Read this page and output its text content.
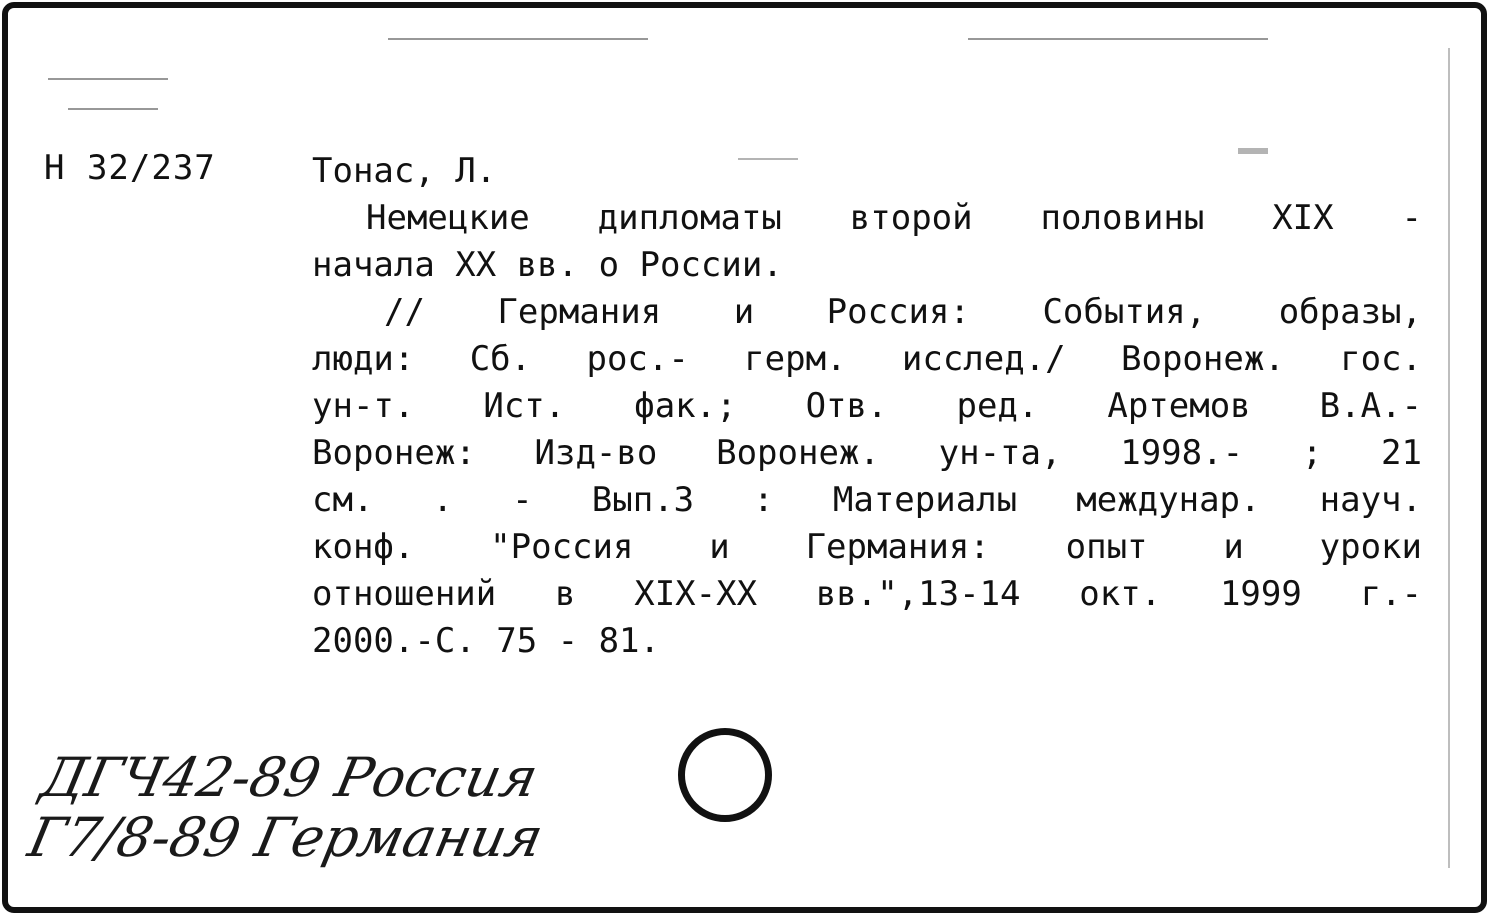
Н 32/237	Тонас, Л.
Немецкие дипломаты второй половины XIX -
начала XX вв. о России.
// Германия и Россия: События, образы,
люди: Сб. рос.- герм. исслед./ Воронеж. гос.
ун-т. Ист. фак.; Отв. ред. Артемов В.А.-
Воронеж: Изд-во Воронеж. ун-та, 1998.- ; 21
см. . - Вып.3 : Материалы междунар. науч.
конф. "Россия и Германия: опыт и уроки
отношений в XIX-XX вв.",13-14 окт. 1999 г.-
2000.-С. 75 - 81.
ДГЧ42-89 Россия
Г7/8-89 Германия
